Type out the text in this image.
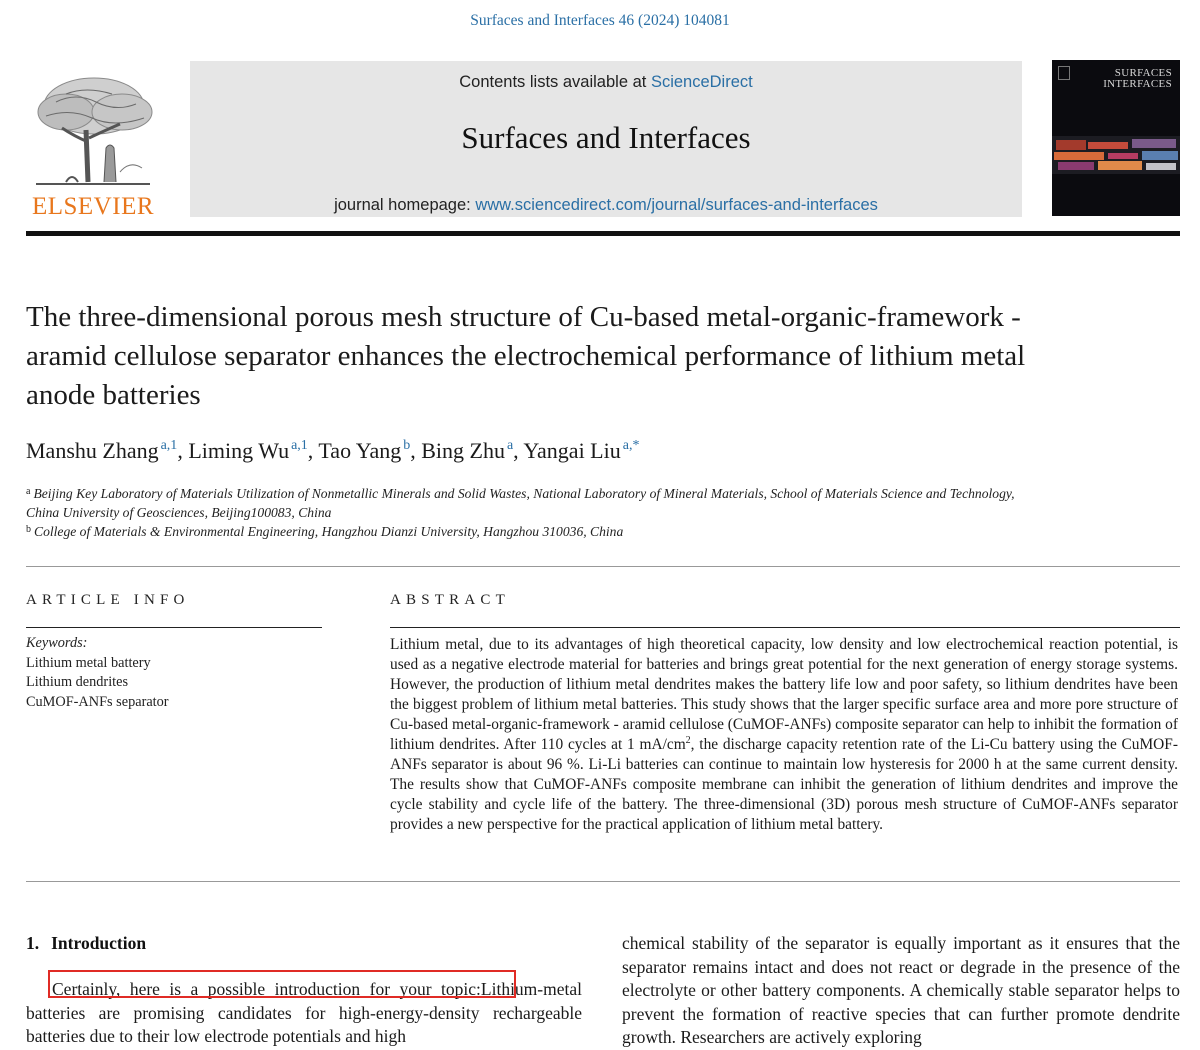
Surfaces and Interfaces 46 (2024) 104081
ELSEVIER
Contents lists available at ScienceDirect
Surfaces and Interfaces
journal homepage: www.sciencedirect.com/journal/surfaces-and-interfaces
SURFACES
INTERFACES
The three-dimensional porous mesh structure of Cu-based metal-organic-framework - aramid cellulose separator enhances the electrochemical performance of lithium metal anode batteries
Manshu Zhang $^{a,1}$, Liming Wu $^{a,1}$, Tao Yang $^b$, Bing Zhu $^a$, Yangai Liu $^{a,*}$
$^a$ Beijing Key Laboratory of Materials Utilization of Nonmetallic Minerals and Solid Wastes, National Laboratory of Mineral Materials, School of Materials Science and Technology, China University of Geosciences, Beijing100083, China
$^b$ College of Materials & Environmental Engineering, Hangzhou Dianzi University, Hangzhou 310036, China
ARTICLE INFO	ABSTRACT
Keywords:
Lithium metal battery
Lithium dendrites
CuMOF-ANFs separator
Lithium metal, due to its advantages of high theoretical capacity, low density and low electrochemical reaction potential, is used as a negative electrode material for batteries and brings great potential for the next generation of energy storage systems. However, the production of lithium metal dendrites makes the battery life low and poor safety, so lithium dendrites have been the biggest problem of lithium metal batteries. This study shows that the larger specific surface area and more pore structure of Cu-based metal-organic-framework - aramid cellulose (CuMOF-ANFs) composite separator can help to inhibit the formation of lithium dendrites. After 110 cycles at 1 $mA/cm^2$, the discharge capacity retention rate of the Li-Cu battery using the CuMOF-ANFs separator is about 96 %. Li-Li batteries can continue to maintain low hysteresis for 2000 h at the same current density. The results show that CuMOF-ANFs composite membrane can inhibit the generation of lithium dendrites and improve the cycle stability and cycle life of the battery. The three-dimensional (3D) porous mesh structure of CuMOF-ANFs separator provides a new perspective for the practical application of lithium metal battery.
1. Introduction
Certainly, here is a possible introduction for your topic:Lithium-metal batteries are promising candidates for high-energy-density rechargeable batteries due to their low electrode potentials and high
chemical stability of the separator is equally important as it ensures that the separator remains intact and does not react or degrade in the presence of the electrolyte or other battery components. A chemically stable separator helps to prevent the formation of reactive species that can further promote dendrite growth. Researchers are actively exploring
